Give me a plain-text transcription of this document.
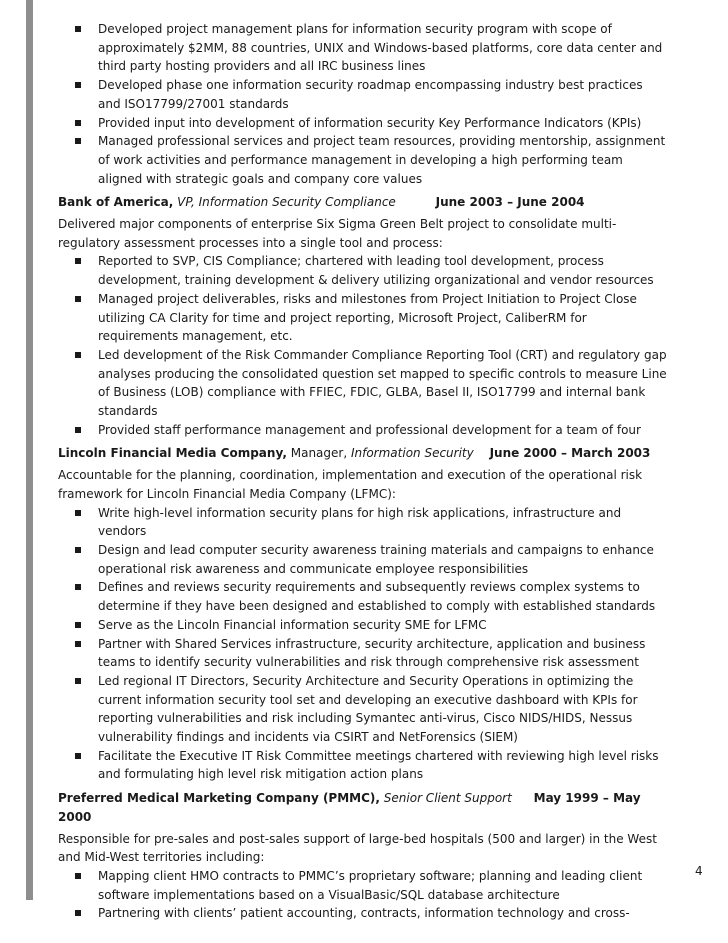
Developed project management plans for information security program with scope of approximately $2MM, 88 countries, UNIX and Windows-based platforms, core data center and third party hosting providers and all IRC business lines
Developed phase one information security roadmap encompassing industry best practices and ISO17799/27001 standards
Provided input into development of information security Key Performance Indicators (KPIs)
Managed professional services and project team resources, providing mentorship, assignment of work activities and performance management in developing a high performing team aligned with strategic goals and company core values
Bank of America, VP, Information Security Compliance	June 2003 – June 2004
Delivered major components of enterprise Six Sigma Green Belt project to consolidate multi-regulatory assessment processes into a single tool and process:
Reported to SVP, CIS Compliance; chartered with leading tool development, process development, training development & delivery utilizing organizational and vendor resources
Managed project deliverables, risks and milestones from Project Initiation to Project Close utilizing CA Clarity for time and project reporting, Microsoft Project, CaliberRM for requirements management, etc.
Led development of the Risk Commander Compliance Reporting Tool (CRT) and regulatory gap analyses producing the consolidated question set mapped to specific controls to measure Line of Business (LOB) compliance with FFIEC, FDIC, GLBA, Basel II, ISO17799 and internal bank standards
Provided staff performance management and professional development for a team of four
Lincoln Financial Media Company, Manager, Information Security June 2000 – March 2003
Accountable for the planning, coordination, implementation and execution of the operational risk framework for Lincoln Financial Media Company (LFMC):
Write high-level information security plans for high risk applications, infrastructure and vendors
Design and lead computer security awareness training materials and campaigns to enhance operational risk awareness and communicate employee responsibilities
Defines and reviews security requirements and subsequently reviews complex systems to determine if they have been designed and established to comply with established standards
Serve as the Lincoln Financial information security SME for LFMC
Partner with Shared Services infrastructure, security architecture, application and business teams to identify security vulnerabilities and risk through comprehensive risk assessment
Led regional IT Directors, Security Architecture and Security Operations in optimizing the current information security tool set and developing an executive dashboard with KPIs for reporting vulnerabilities and risk including Symantec anti-virus, Cisco NIDS/HIDS, Nessus vulnerability findings and incidents via CSIRT and NetForensics (SIEM)
Facilitate the Executive IT Risk Committee meetings chartered with reviewing high level risks and formulating high level risk mitigation action plans
Preferred Medical Marketing Company (PMMC), Senior Client Support May 1999 – May 2000
Responsible for pre-sales and post-sales support of large-bed hospitals (500 and larger) in the West and Mid-West territories including:
Mapping client HMO contracts to PMMC’s proprietary software; planning and leading client software implementations based on a VisualBasic/SQL database architecture
Partnering with clients’ patient accounting, contracts, information technology and cross-
4
